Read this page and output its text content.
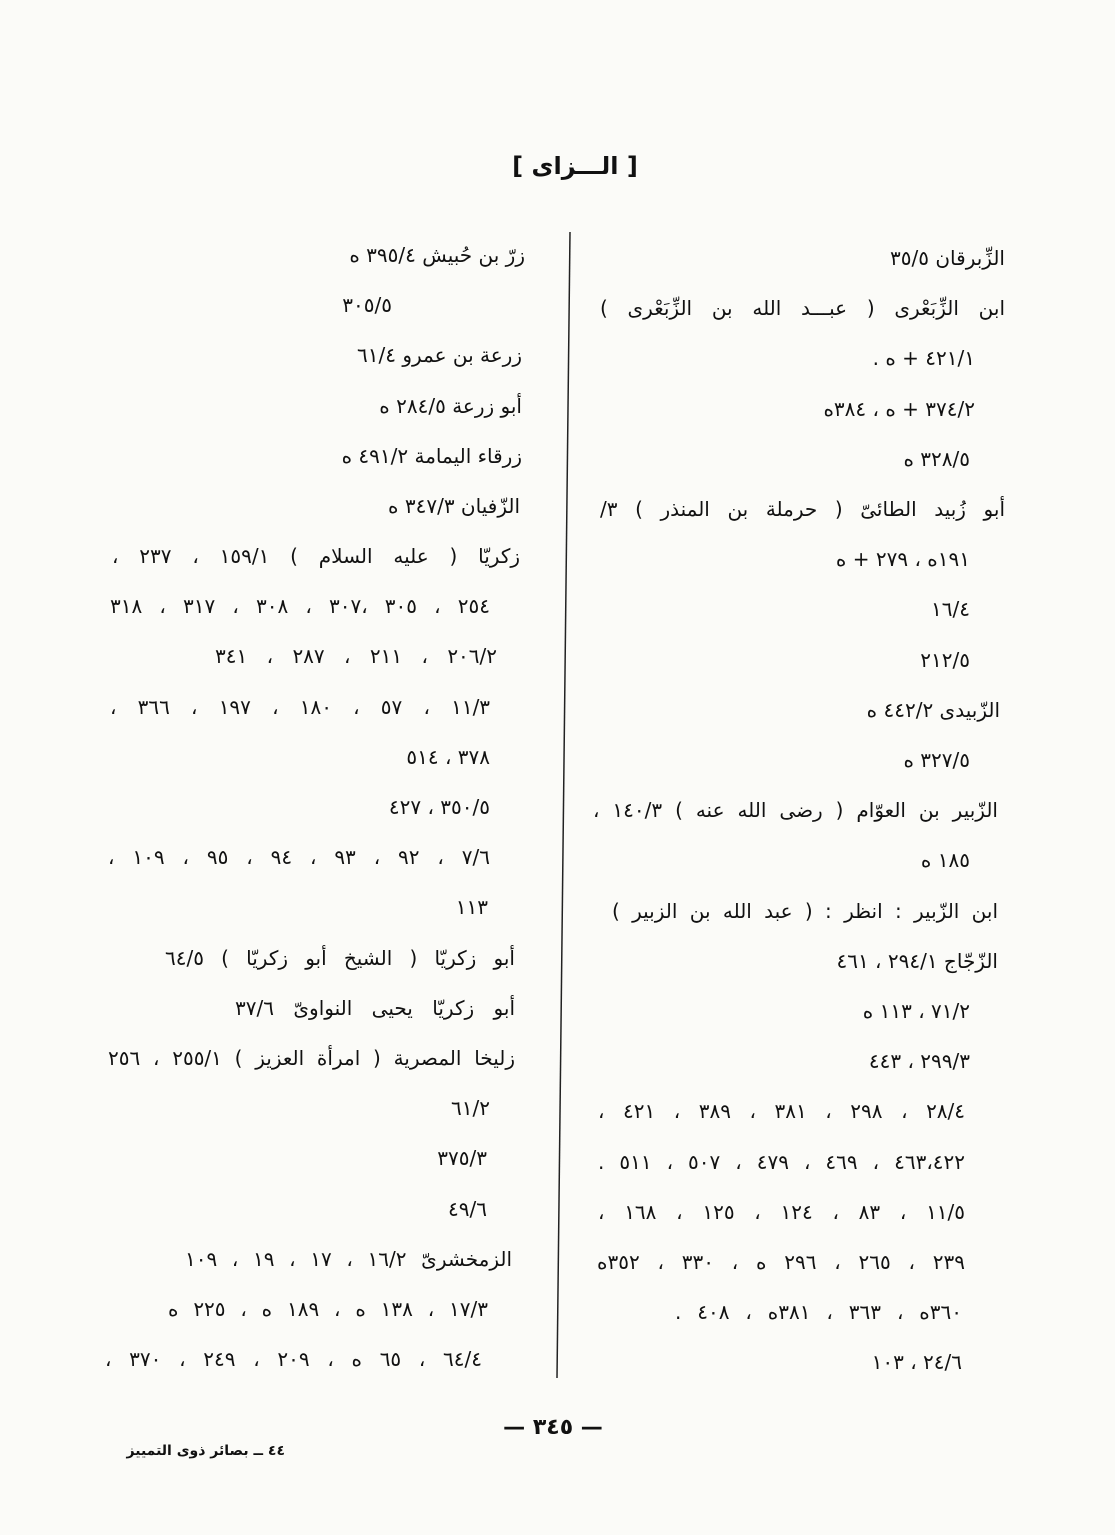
[ الـــزاى ]
الزِّبرقان ٣٥/٥
ابن الزِّبَعْرى ( عبـــد الله بن الزِّبَعْرى )
٤٢١/١ + ه .
٣٧٤/٢ + ه ، ٣٨٤ه
٣٢٨/٥ ه
أبو زُبيد الطائىّ ( حرملة بن المنذر ) ٣/
١٩١ه ، ٢٧٩ + ه
١٦/٤
٢١٢/٥
الزّبيدى ٤٤٢/٢ ه
٣٢٧/٥ ه
الزّبير بن العوّام ( رضى الله عنه ) ١٤٠/٣ ،
١٨٥ ه
ابن الزّبير : انظر : ( عبد الله بن الزبير )
الزّجّاج ٢٩٤/١ ، ٤٦١
٧١/٢ ، ١١٣ ه
٢٩٩/٣ ، ٤٤٣
٢٨/٤ ، ٢٩٨ ، ٣٨١ ، ٣٨٩ ، ٤٢١ ،
٤٦٣،٤٢٢ ، ٤٦٩ ، ٤٧٩ ، ٥٠٧ ، ٥١١ .
١١/٥ ، ٨٣ ، ١٢٤ ، ١٢٥ ، ١٦٨ ،
٢٣٩ ، ٢٦٥ ، ٢٩٦ ه ، ٣٣٠ ، ٣٥٢ه
٣٦٠ه ، ٣٦٣ ، ٣٨١ه ، ٤٠٨ .
٢٤/٦ ، ١٠٣
زرّ بن حُبيش ٣٩٥/٤ ه
٣٠٥/٥
زرعة بن عمرو ٦١/٤
أبو زرعة ٢٨٤/٥ ه
زرقاء اليمامة ٤٩١/٢ ه
الزّفيان ٣٤٧/٣ ه
زكريّا ( عليه السلام ) ١٥٩/١ ، ٢٣٧ ،
٢٥٤ ، ٣٠٥ ،٣٠٧ ، ٣٠٨ ، ٣١٧ ، ٣١٨
٢٠٦/٢ ، ٢١١ ، ٢٨٧ ، ٣٤١
١١/٣ ، ٥٧ ، ١٨٠ ، ١٩٧ ، ٣٦٦ ،
٣٧٨ ، ٥١٤
٣٥٠/٥ ، ٤٢٧
٧/٦ ، ٩٢ ، ٩٣ ، ٩٤ ، ٩٥ ، ١٠٩ ،
١١٣
أبو زكريّا ( الشيخ أبو زكريّا ) ٦٤/٥
أبو زكريّا يحيى النواوىّ ٣٧/٦
زليخا المصرية ( امرأة العزيز ) ٢٥٥/١ ، ٢٥٦
٦١/٢
٣٧٥/٣
٤٩/٦
الزمخشرىّ ١٦/٢ ، ١٧ ، ١٩ ، ١٠٩
١٧/٣ ، ١٣٨ ه ، ١٨٩ ه ، ٢٢٥ ه
٦٤/٤ ، ٦٥ ه ، ٢٠٩ ، ٢٤٩ ، ٣٧٠ ،
— ٣٤٥ —
٤٤ ــ بصائر ذوى التمييز
